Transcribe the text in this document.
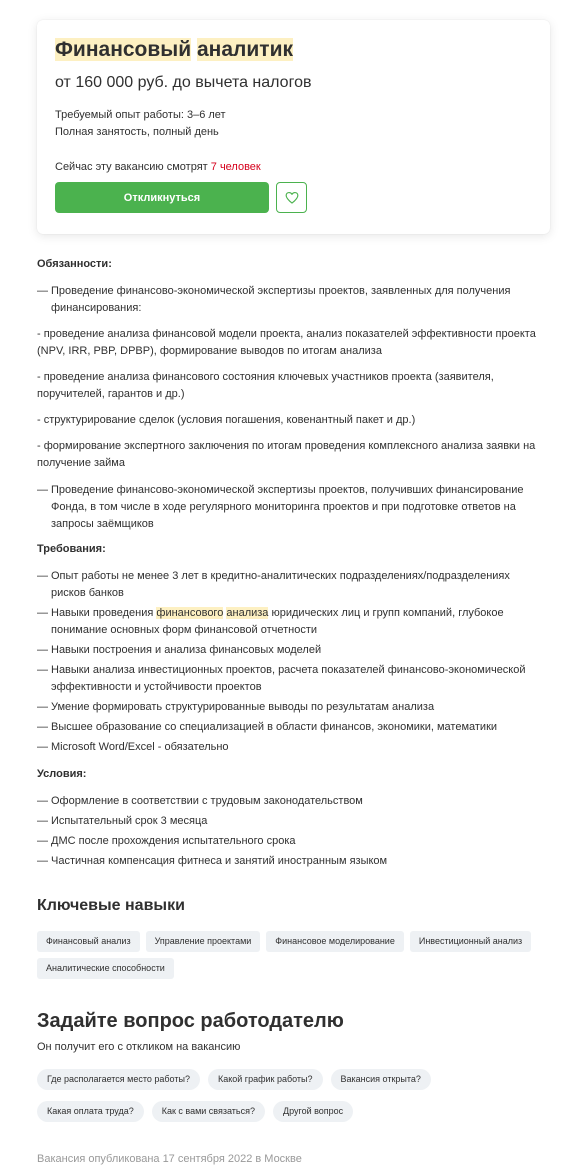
Финансовый аналитик
от 160 000 руб. до вычета налогов
Требуемый опыт работы: 3–6 лет
Полная занятость, полный день
Сейчас эту вакансию смотрят 7 человек
Откликнуться
Обязанности:
— Проведение финансово-экономической экспертизы проектов, заявленных для получения финансирования:
- проведение анализа финансовой модели проекта, анализ показателей эффективности проекта (NPV, IRR, PBP, DPBP), формирование выводов по итогам анализа
- проведение анализа финансового состояния ключевых участников проекта (заявителя, поручителей, гарантов и др.)
- структурирование сделок (условия погашения, ковенантный пакет и др.)
- формирование экспертного заключения по итогам проведения комплексного анализа заявки на получение займа
— Проведение финансово-экономической экспертизы проектов, получивших финансирование Фонда, в том числе в ходе регулярного мониторинга проектов и при подготовке ответов на запросы заёмщиков
Требования:
— Опыт работы не менее 3 лет в кредитно-аналитических подразделениях/подразделениях рисков банков
— Навыки проведения финансового анализа юридических лиц и групп компаний, глубокое понимание основных форм финансовой отчетности
— Навыки построения и анализа финансовых моделей
— Навыки анализа инвестиционных проектов, расчета показателей финансово-экономической эффективности и устойчивости проектов
— Умение формировать структурированные выводы по результатам анализа
— Высшее образование со специализацией в области финансов, экономики, математики
— Microsoft Word/Excel - обязательно
Условия:
— Оформление в соответствии с трудовым законодательством
— Испытательный срок 3 месяца
— ДМС после прохождения испытательного срока
— Частичная компенсация фитнеса и занятий иностранным языком
Ключевые навыки
Финансовый анализ	Управление проектами	Финансовое моделирование	Инвестиционный анализ
Аналитические способности
Задайте вопрос работодателю
Он получит его с откликом на вакансию
Где располагается место работы?	Какой график работы?	Вакансия открыта?
Какая оплата труда?	Как с вами связаться?	Другой вопрос
Вакансия опубликована 17 сентября 2022 в Москве
